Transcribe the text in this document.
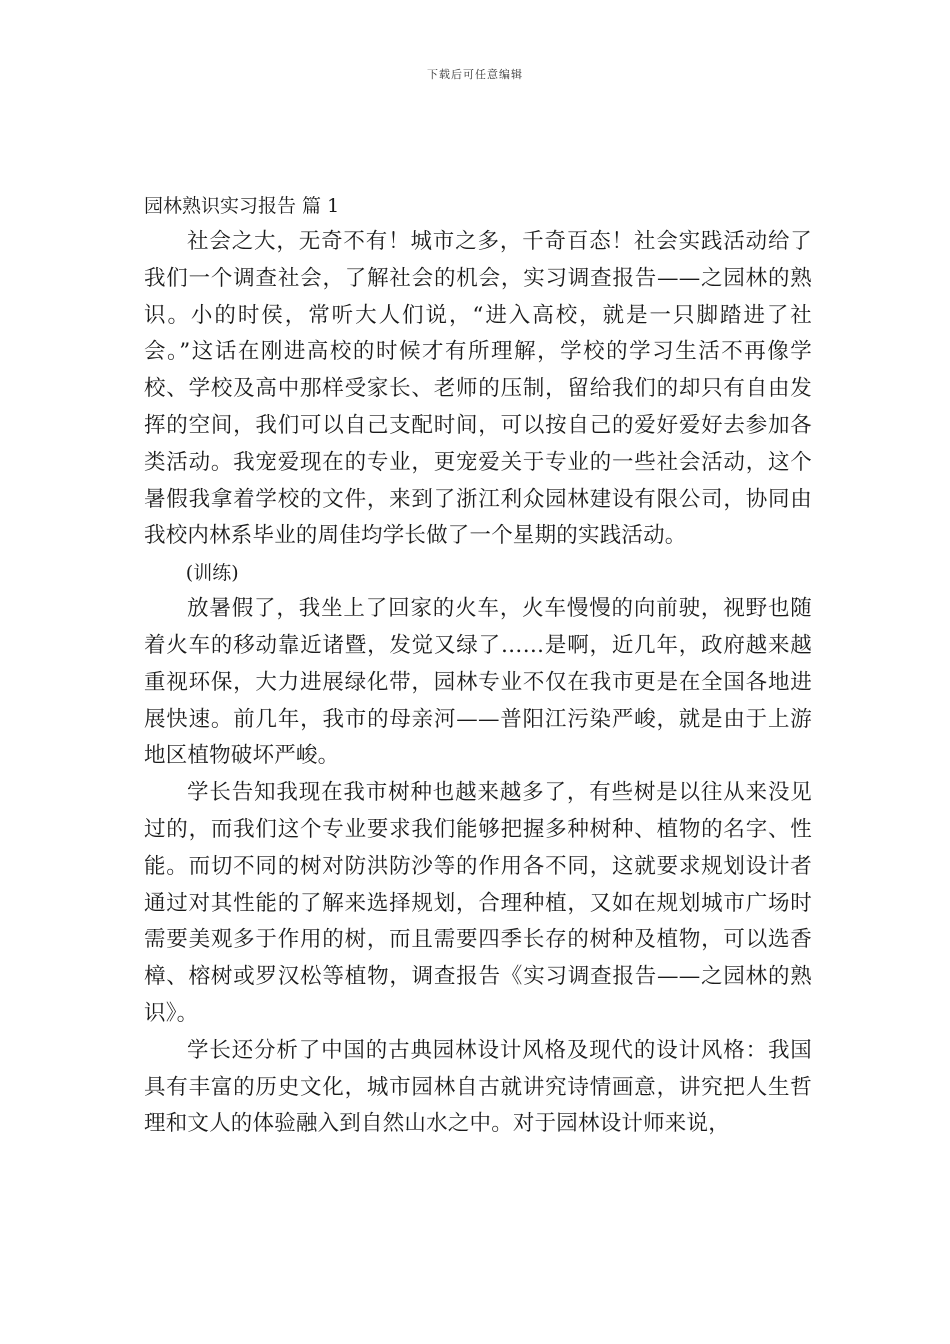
下载后可任意编辑
园林熟识实习报告 篇 1

社会之大，无奇不有！城市之多，千奇百态！社会实践活动给了我们一个调查社会，了解社会的机会，实习调查报告——之园林的熟识。小的时侯，常听大人们说，“进入高校，就是一只脚踏进了社会。”这话在刚进高校的时候才有所理解，学校的学习生活不再像学校、学校及高中那样受家长、老师的压制，留给我们的却只有自由发挥的空间，我们可以自己支配时间，可以按自己的爱好爱好去参加各类活动。我宠爱现在的专业，更宠爱关于专业的一些社会活动，这个暑假我拿着学校的文件，来到了浙江利众园林建设有限公司，协同由我校内林系毕业的周佳均学长做了一个星期的实践活动。

(训练)

放暑假了，我坐上了回家的火车，火车慢慢的向前驶，视野也随着火车的移动靠近诸暨，发觉又绿了……是啊，近几年，政府越来越重视环保，大力进展绿化带，园林专业不仅在我市更是在全国各地进展快速。前几年，我市的母亲河——普阳江污染严峻，就是由于上游地区植物破坏严峻。

学长告知我现在我市树种也越来越多了，有些树是以往从来没见过的，而我们这个专业要求我们能够把握多种树种、植物的名字、性能。而切不同的树对防洪防沙等的作用各不同，这就要求规划设计者通过对其性能的了解来选择规划，合理种植，又如在规划城市广场时需要美观多于作用的树，而且需要四季长存的树种及植物，可以选香樟、榕树或罗汉松等植物，调查报告《实习调查报告——之园林的熟识》。

学长还分析了中国的古典园林设计风格及现代的设计风格：我国具有丰富的历史文化，城市园林自古就讲究诗情画意，讲究把人生哲理和文人的体验融入到自然山水之中。对于园林设计师来说，
